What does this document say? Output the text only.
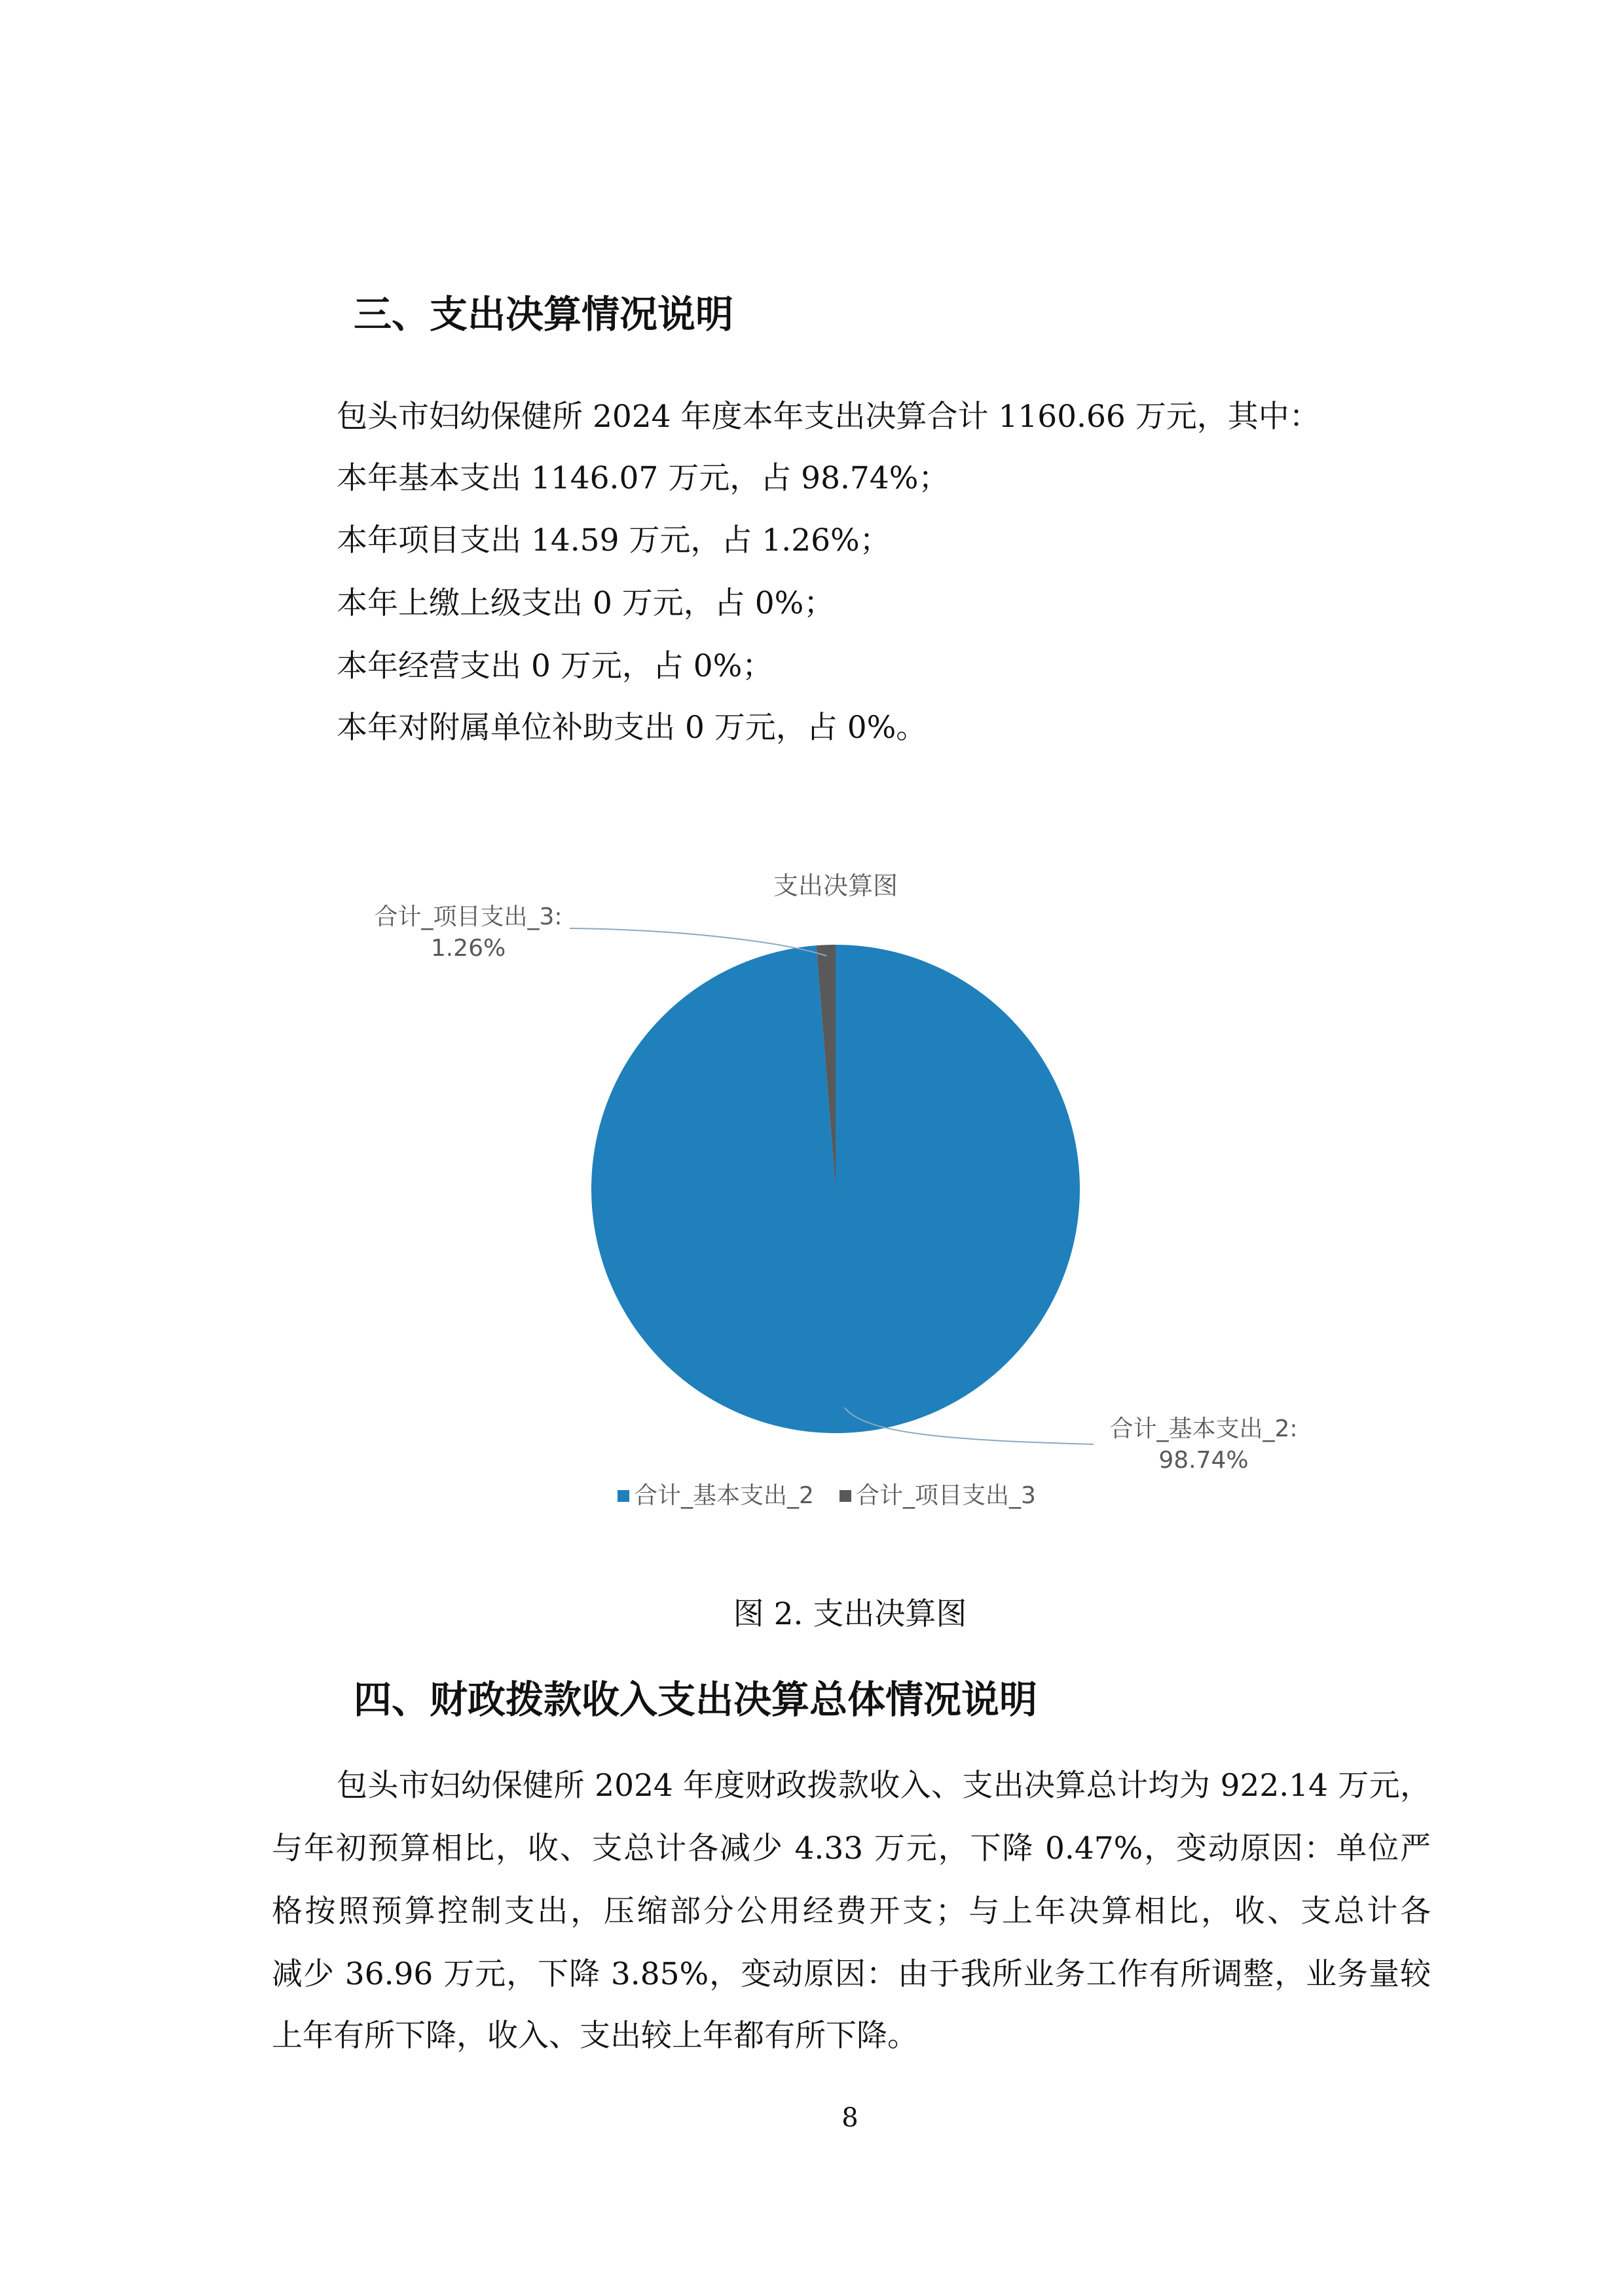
三、支出决算情况说明
包头市妇幼保健所 2024 年度本年支出决算合计 1160.66 万元，其中：
本年基本支出 1146.07 万元，占 98.74%；
本年项目支出 14.59 万元，占 1.26%；
本年上缴上级支出 0 万元，占 0%；
本年经营支出 0 万元，占 0%；
本年对附属单位补助支出 0 万元，占 0%。
支出决算图
合计_项目支出_3:
1.26%
合计_基本支出_2:
98.74%
合计_基本支出_2 合计_项目支出_3
图 2. 支出决算图
四、财政拨款收入支出决算总体情况说明
包头市妇幼保健所 2024 年度财政拨款收入、支出决算总计均为 922.14 万元，
与年初预算相比，收、支总计各减少 4.33 万元，下降 0.47%，变动原因：单位严
格按照预算控制支出，压缩部分公用经费开支；与上年决算相比，收、支总计各
减少 36.96 万元，下降 3.85%，变动原因：由于我所业务工作有所调整，业务量较
上年有所下降，收入、支出较上年都有所下降。
8
